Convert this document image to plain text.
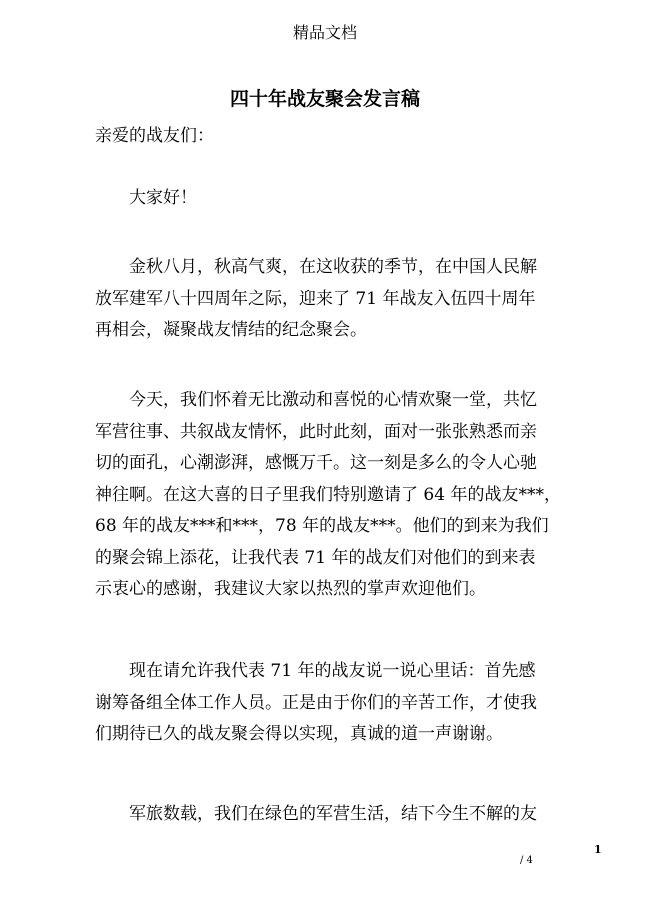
精品文档
四十年战友聚会发言稿
亲爱的战友们：
　　大家好！
　　金秋八月，秋高气爽，在这收获的季节，在中国人民解
放军建军八十四周年之际，迎来了 71 年战友入伍四十周年
再相会，凝聚战友情结的纪念聚会。
　　今天，我们怀着无比激动和喜悦的心情欢聚一堂，共忆
军营往事、共叙战友情怀，此时此刻，面对一张张熟悉而亲
切的面孔，心潮澎湃，感慨万千。这一刻是多么的令人心驰
神往啊。在这大喜的日子里我们特别邀请了 64 年的战友***，
68 年的战友***和***，78 年的战友***。他们的到来为我们
的聚会锦上添花，让我代表 71 年的战友们对他们的到来表
示衷心的感谢，我建议大家以热烈的掌声欢迎他们。
　　现在请允许我代表 71 年的战友说一说心里话：首先感
谢筹备组全体工作人员。正是由于你们的辛苦工作，才使我
们期待已久的战友聚会得以实现，真诚的道一声谢谢。
　　军旅数载，我们在绿色的军营生活，结下今生不解的友
1
/ 4
